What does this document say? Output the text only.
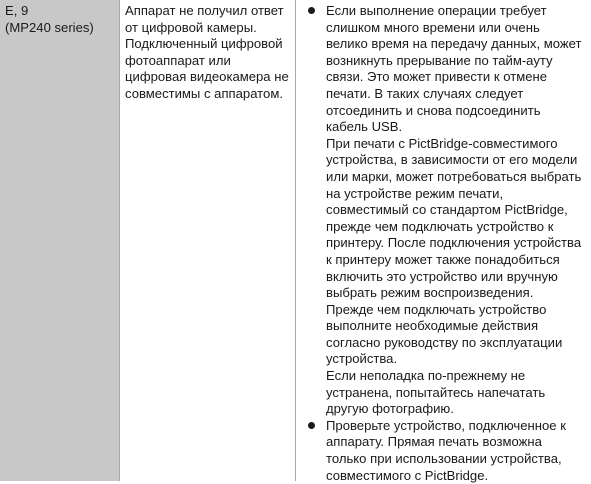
E, 9
(MP240 series)
Аппарат не получил ответ
от цифровой камеры.
Подключенный цифровой
фотоаппарат или
цифровая видеокамера не
совместимы с аппаратом.
Если выполнение операции требует
слишком много времени или очень
велико время на передачу данных, может
возникнуть прерывание по тайм-ауту
связи. Это может привести к отмене
печати. В таких случаях следует
отсоединить и снова подсоединить
кабель USB.
При печати с PictBridge-совместимого
устройства, в зависимости от его модели
или марки, может потребоваться выбрать
на устройстве режим печати,
совместимый со стандартом PictBridge,
прежде чем подключать устройство к
принтеру. После подключения устройства
к принтеру может также понадобиться
включить это устройство или вручную
выбрать режим воспроизведения.
Прежде чем подключать устройство
выполните необходимые действия
согласно руководству по эксплуатации
устройства.
Если неполадка по-прежнему не
устранена, попытайтесь напечатать
другую фотографию.
Проверьте устройство, подключенное к
аппарату. Прямая печать возможна
только при использовании устройства,
совместимого с PictBridge.
